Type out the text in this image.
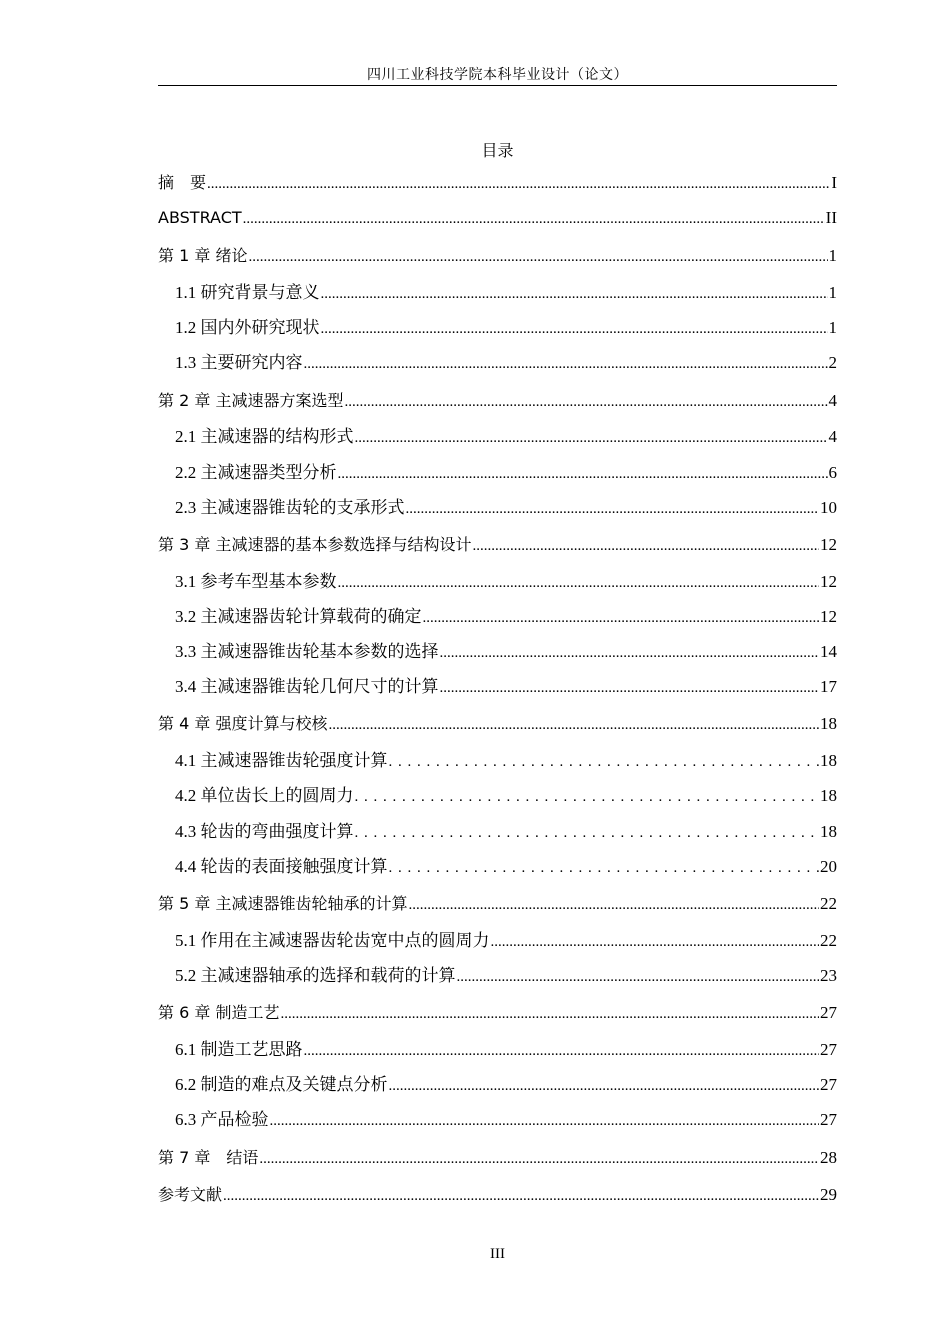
四川工业科技学院本科毕业设计（论文）
目录
摘　要 .....	I
ABSTRACT .....	II
第 1 章 绪论 .....	1
1.1 研究背景与意义 .....	1
1.2 国内外研究现状 .....	1
1.3 主要研究内容 .....	2
第 2 章 主减速器方案选型 .....	4
2.1 主减速器的结构形式 .....	4
2.2 主减速器类型分析 .....	6
2.3 主减速器锥齿轮的支承形式 .....	10
第 3 章 主减速器的基本参数选择与结构设计 .....	12
3.1 参考车型基本参数 .....	12
3.2 主减速器齿轮计算载荷的确定 .....	12
3.3 主减速器锥齿轮基本参数的选择 .....	14
3.4 主减速器锥齿轮几何尺寸的计算 .....	17
第 4 章 强度计算与校核 .....	18
4.1 主减速器锥齿轮强度计算 . . .	18
4.2 单位齿长上的圆周力 . . .	18
4.3 轮齿的弯曲强度计算 . . .	18
4.4 轮齿的表面接触强度计算 . . .	20
第 5 章 主减速器锥齿轮轴承的计算 .....	22
5.1 作用在主减速器齿轮齿宽中点的圆周力 .....	22
5.2 主减速器轴承的选择和载荷的计算 .....	23
第 6 章 制造工艺 .....	27
6.1 制造工艺思路 .....	27
6.2 制造的难点及关键点分析 .....	27
6.3 产品检验 .....	27
第 7 章　结语 .....	28
参考文献 .....	29
III
